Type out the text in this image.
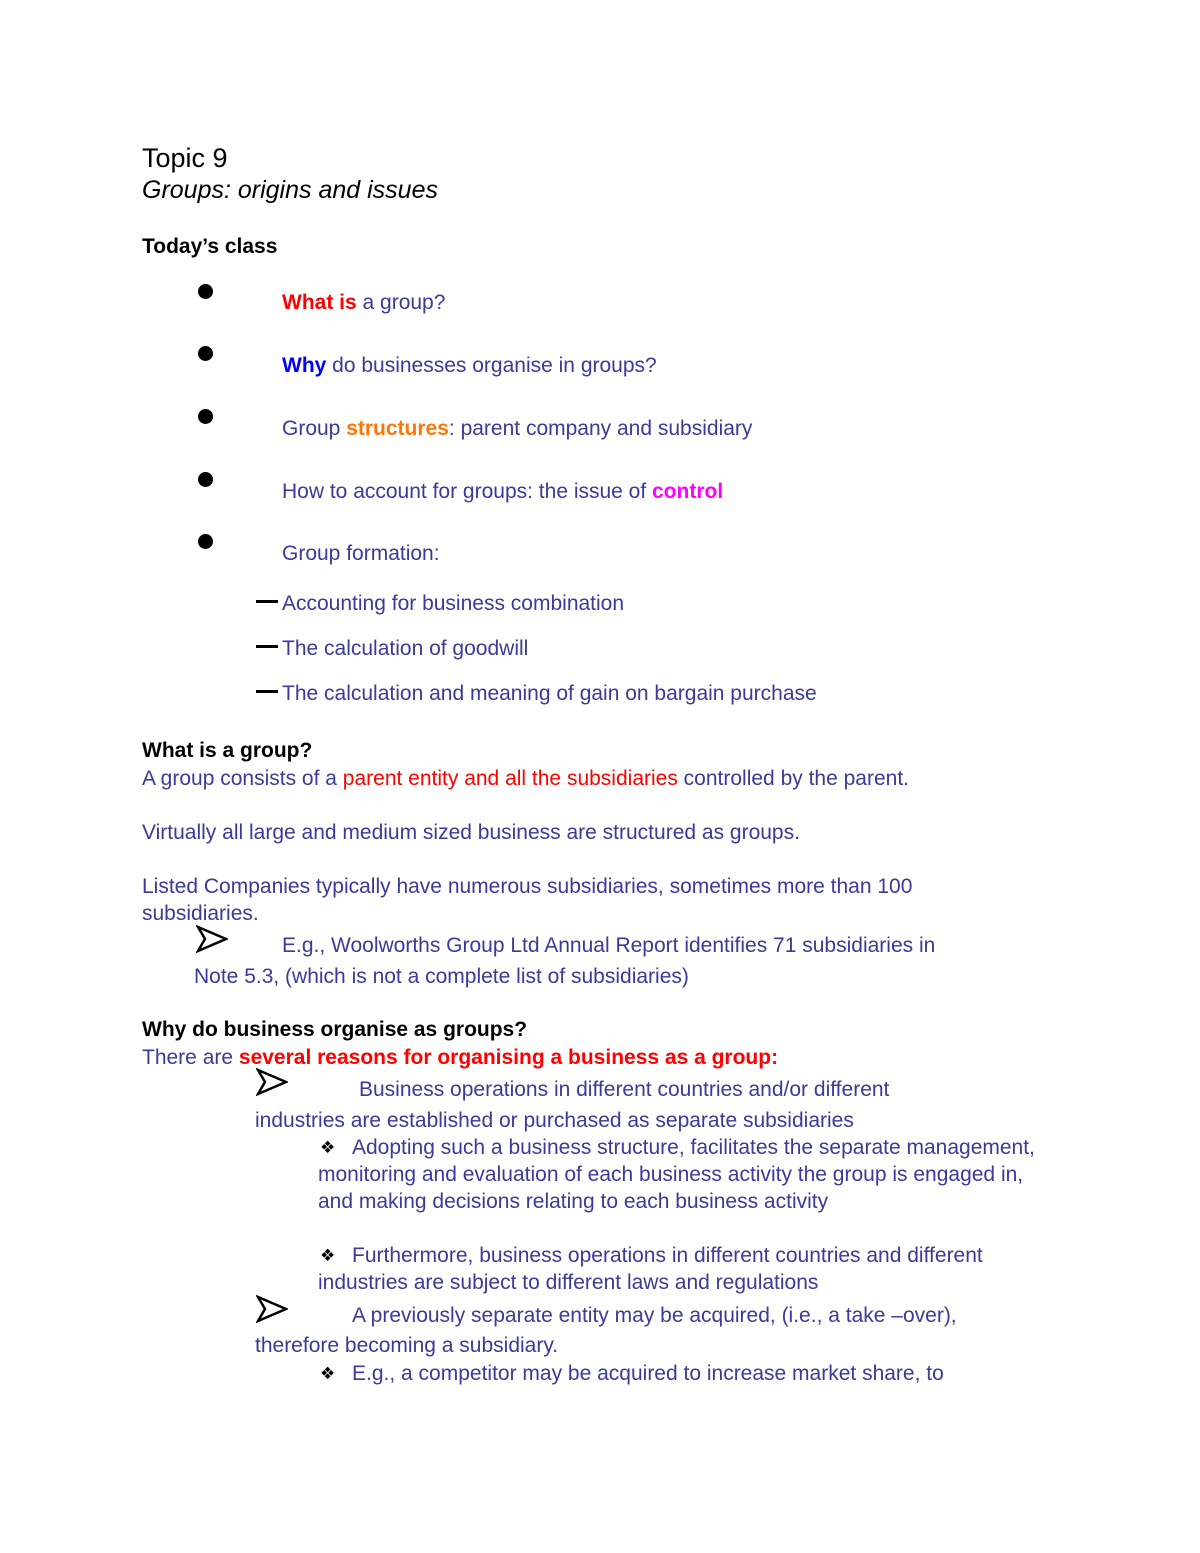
Topic 9
Groups: origins and issues
Today’s class
What is a group?
Why do businesses organise in groups?
Group structures: parent company and subsidiary
How to account for groups: the issue of control
Group formation:
Accounting for business combination
The calculation of goodwill
The calculation and meaning of gain on bargain purchase
What is a group?
A group consists of a parent entity and all the subsidiaries controlled by the parent.
Virtually all large and medium sized business are structured as groups.
Listed Companies typically have numerous subsidiaries, sometimes more than 100
subsidiaries.
E.g., Woolworths Group Ltd Annual Report identifies 71 subsidiaries in
Note 5.3, (which is not a complete list of subsidiaries)
Why do business organise as groups?
There are several reasons for organising a business as a group:
Business operations in different countries and/or different
industries are established or purchased as separate subsidiaries
❖ Adopting such a business structure, facilitates the separate management, monitoring and evaluation of each business activity the group is engaged in, and making decisions relating to each business activity
❖ Furthermore, business operations in different countries and different industries are subject to different laws and regulations
A previously separate entity may be acquired, (i.e., a take –over),
therefore becoming a subsidiary.
❖ E.g., a competitor may be acquired to increase market share, to
